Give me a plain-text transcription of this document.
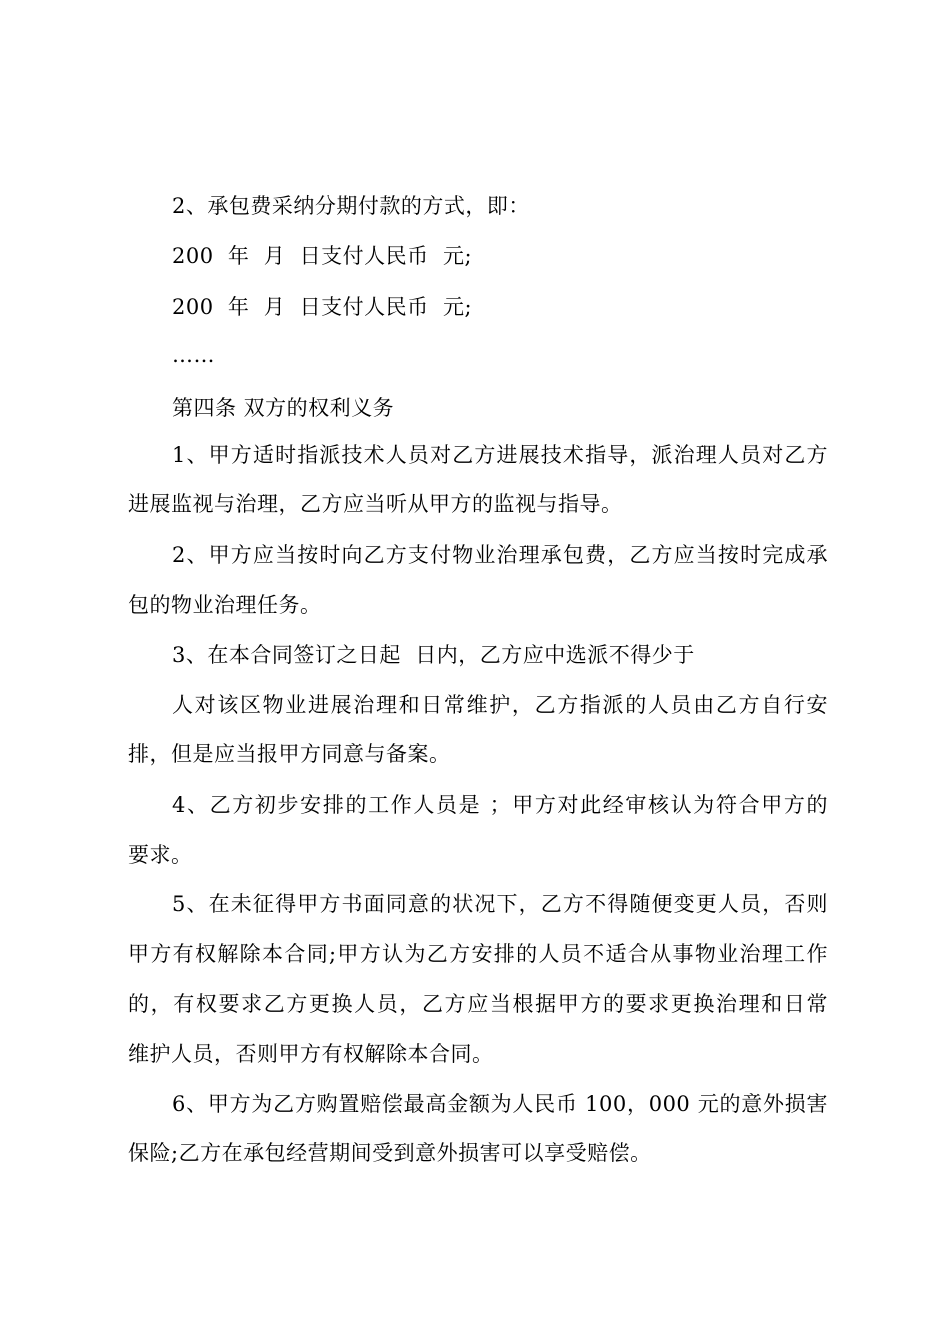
2、承包费采纳分期付款的方式，即：
200  年  月  日支付人民币  元;
200  年  月  日支付人民币  元;
……
第四条 双方的权利义务
1、甲方适时指派技术人员对乙方进展技术指导，派治理人员对乙方
进展监视与治理，乙方应当听从甲方的监视与指导。
2、甲方应当按时向乙方支付物业治理承包费，乙方应当按时完成承
包的物业治理任务。
3、在本合同签订之日起  日内，乙方应中选派不得少于
人对该区物业进展治理和日常维护，乙方指派的人员由乙方自行安
排，但是应当报甲方同意与备案。
4、乙方初步安排的工作人员是 ；甲方对此经审核认为符合甲方的
要求。
5、在未征得甲方书面同意的状况下，乙方不得随便变更人员，否则
甲方有权解除本合同;甲方认为乙方安排的人员不适合从事物业治理工作
的，有权要求乙方更换人员，乙方应当根据甲方的要求更换治理和日常
维护人员，否则甲方有权解除本合同。
6、甲方为乙方购置赔偿最高金额为人民币 100，000 元的意外损害
保险;乙方在承包经营期间受到意外损害可以享受赔偿。
